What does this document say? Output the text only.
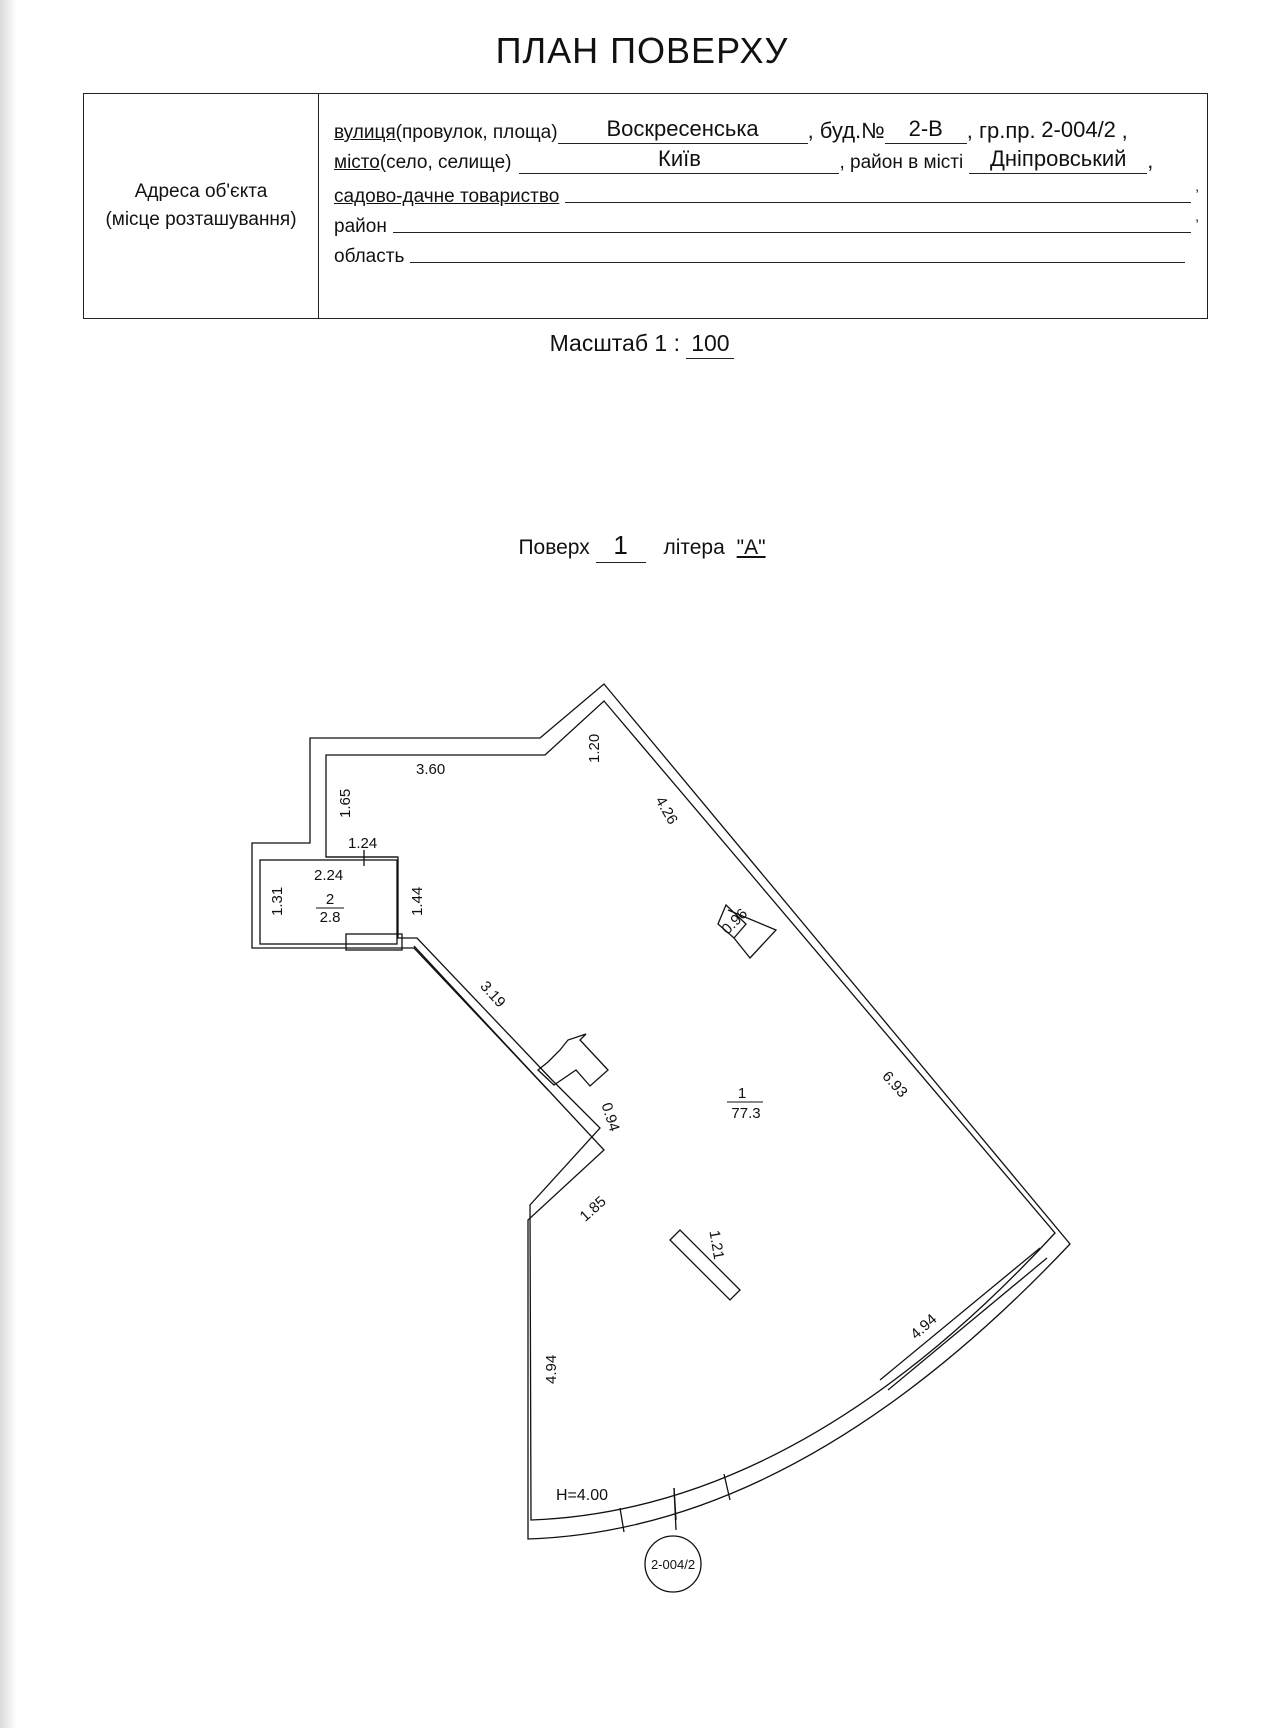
ПЛАН ПОВЕРХУ
Адреса об'єкта
(місце розташування)
вулиця (провулок, площа)	Воскресенська	, буд.№	2-В	, гр.пр. 2-004/2 ,
місто (село, селище)	Київ	, район в місті	Дніпровський ,
садово-дачне товариство	,
район	,
область
Масштаб 1 : 100
Поверх 1 літера "А"
3.60
1.20
4.26
1.65
1.24
2.24
1.31	1.44
0.96
3.19
6.93
0.94
1.85
1.21
4.94
4.94
H=4.00
1
77.3
2
2.8
2-004/2
